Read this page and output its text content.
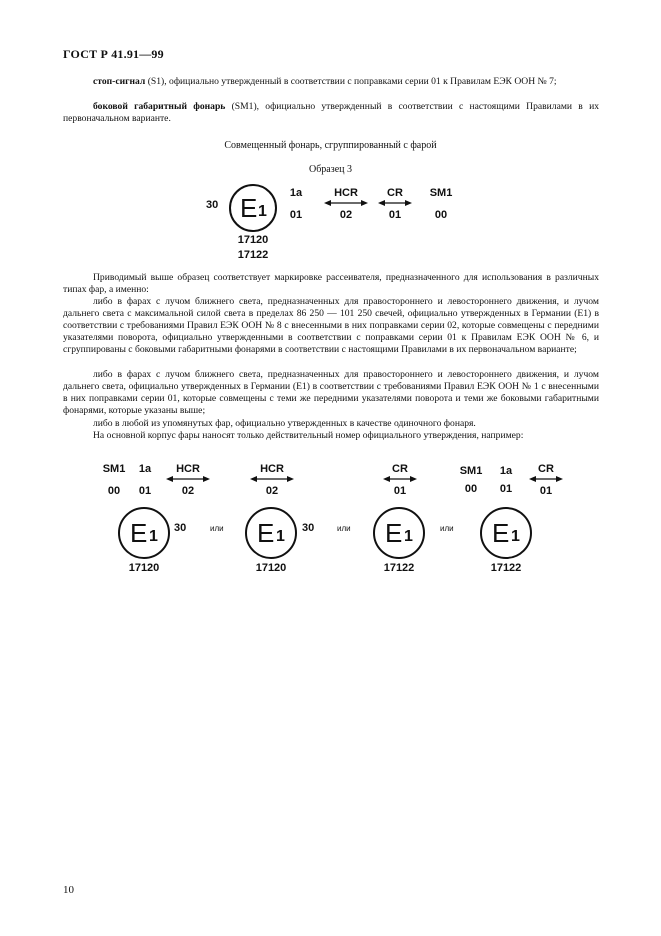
ГОСТ Р 41.91—99

стоп-сигнал (S1), официально утвержденный в соответствии с поправками серии 01 к Правилам ЕЭК ООН № 7;

боковой габаритный фонарь (SM1), официально утвержденный в соответствии с настоящими Правилами в их первоначальном варианте.

Совмещенный фонарь, сгруппированный с фарой
Образец 3
30 E 1
1a
01
HCR
02
CR
01
SM1
00
17120
17122

Приводимый выше образец соответствует маркировке рассеивателя, предназначенного для использования в различных типах фар, а именно:

либо в фарах с лучом ближнего света, предназначенных для правостороннего и левостороннего движения, и лучом дальнего света с максимальной силой света в пределах 86 250 — 101 250 свечей, официально утвержденных в Германии (E1) в соответствии с требованиями Правил ЕЭК ООН № 8 с внесенными в них поправками серии 02, которые совмещены с передними указателями поворота, официально утвержденными в соответствии с поправками серии 01 к Правилам ЕЭК ООН № 6, и сгруппированы с боковыми габаритными фонарями в соответствии с настоящими Правилами в их первоначальном варианте;

либо в фарах с лучом ближнего света, предназначенных для правостороннего и левостороннего движения, и лучом дальнего света, официально утвержденных в Германии (E1) в соответствии с требованиями Правил ЕЭК ООН № 1 с внесенными в них поправками серии 01, которые совмещены с теми же передними указателями поворота и теми же боковыми габаритными фонарями, которые указаны выше;

либо в любой из упомянутых фар, официально утвержденных в качестве одиночного фонаря.

На основной корпус фары наносят только действительный номер официального утверждения, например:

SM1
00
1a
01
HCR
02
E 1 30
17120
или
HCR
02
E 1 30
17120
или
CR
01
E 1
17122
или
SM1
00
1a
01
CR
01
E 1
17122
10
